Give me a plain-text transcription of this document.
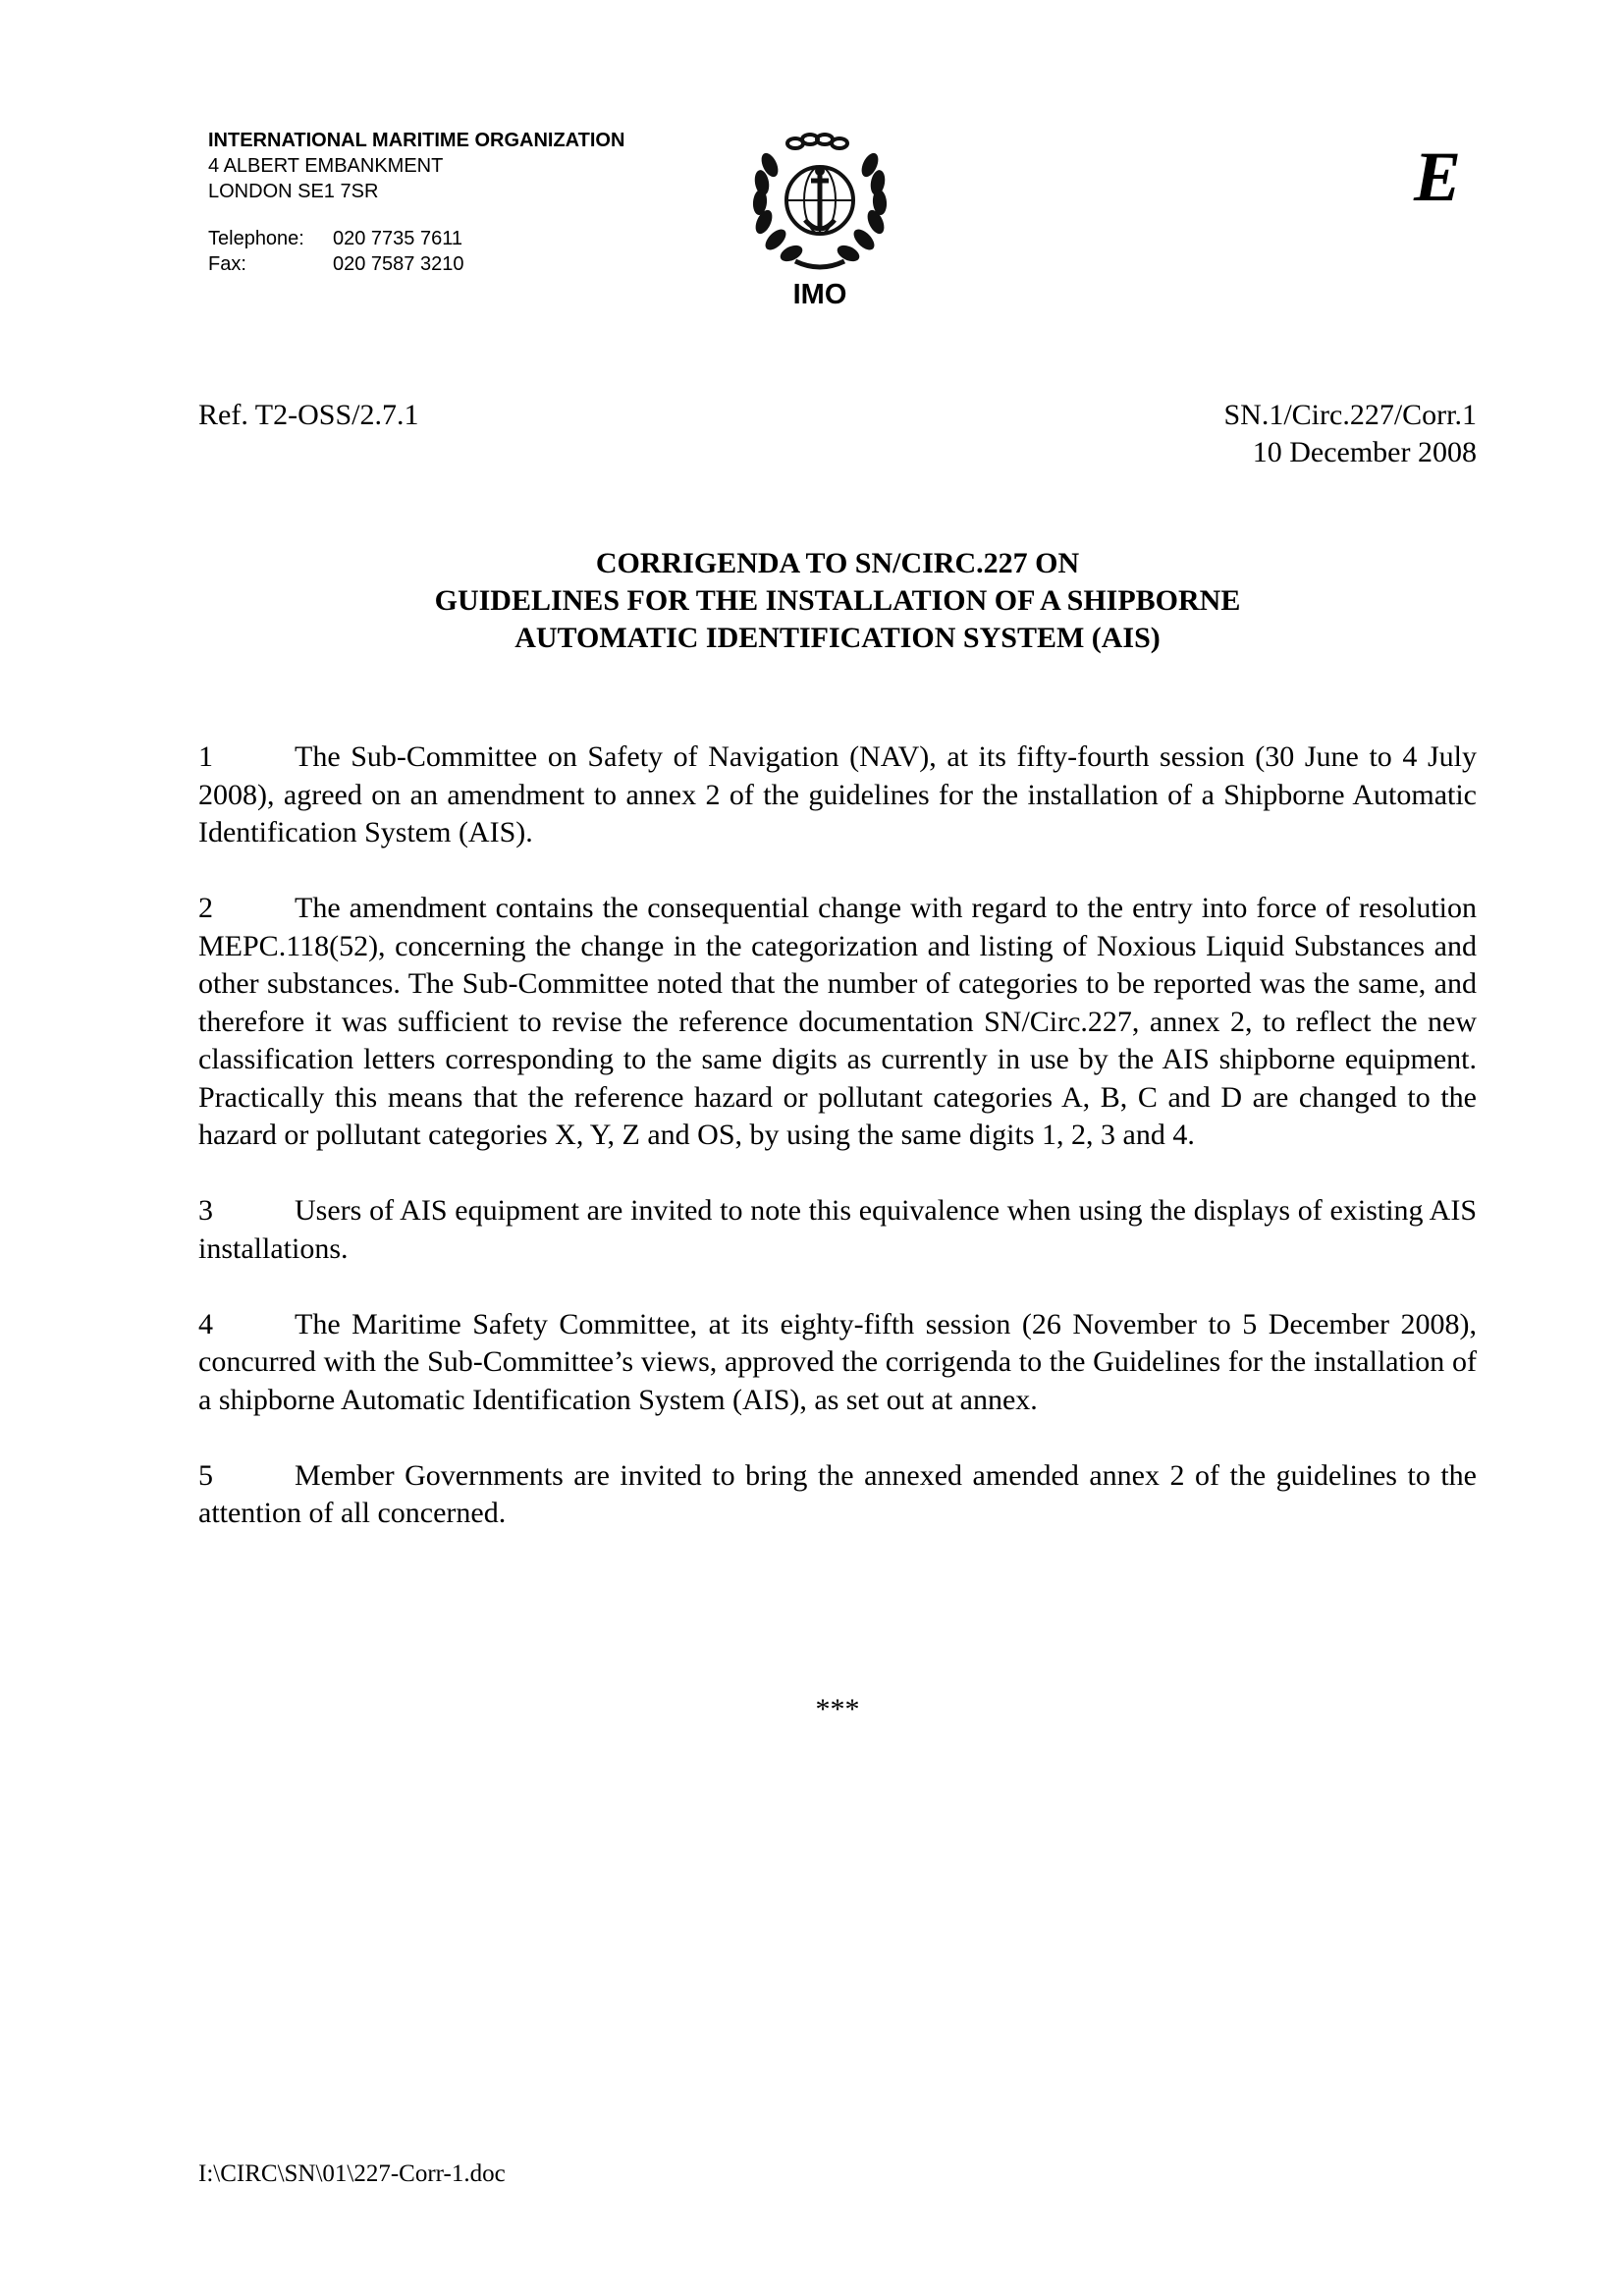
INTERNATIONAL MARITIME ORGANIZATION
4 ALBERT EMBANKMENT
LONDON SE1 7SR
Telephone:	020 7735 7611
Fax:	020 7587 3210
IMO
E
Ref. T2-OSS/2.7.1	SN.1/Circ.227/Corr.1
10 December 2008
CORRIGENDA TO SN/CIRC.227 ON
GUIDELINES FOR THE INSTALLATION OF A SHIPBORNE
AUTOMATIC IDENTIFICATION SYSTEM (AIS)

1	The Sub-Committee on Safety of Navigation (NAV), at its fifty-fourth session (30 June to 4 July 2008), agreed on an amendment to annex 2 of the guidelines for the installation of a Shipborne Automatic Identification System (AIS).

2	The amendment contains the consequential change with regard to the entry into force of resolution MEPC.118(52), concerning the change in the categorization and listing of Noxious Liquid Substances and other substances. The Sub-Committee noted that the number of categories to be reported was the same, and therefore it was sufficient to revise the reference documentation SN/Circ.227, annex 2, to reflect the new classification letters corresponding to the same digits as currently in use by the AIS shipborne equipment. Practically this means that the reference hazard or pollutant categories A, B, C and D are changed to the hazard or pollutant categories X, Y, Z and OS, by using the same digits 1, 2, 3 and 4.

3	Users of AIS equipment are invited to note this equivalence when using the displays of existing AIS installations.

4	The Maritime Safety Committee, at its eighty-fifth session (26 November to 5 December 2008), concurred with the Sub-Committee’s views, approved the corrigenda to the Guidelines for the installation of a shipborne Automatic Identification System (AIS), as set out at annex.

5	Member Governments are invited to bring the annexed amended annex 2 of the guidelines to the attention of all concerned.

***
I:\CIRC\SN\01\227-Corr-1.doc
